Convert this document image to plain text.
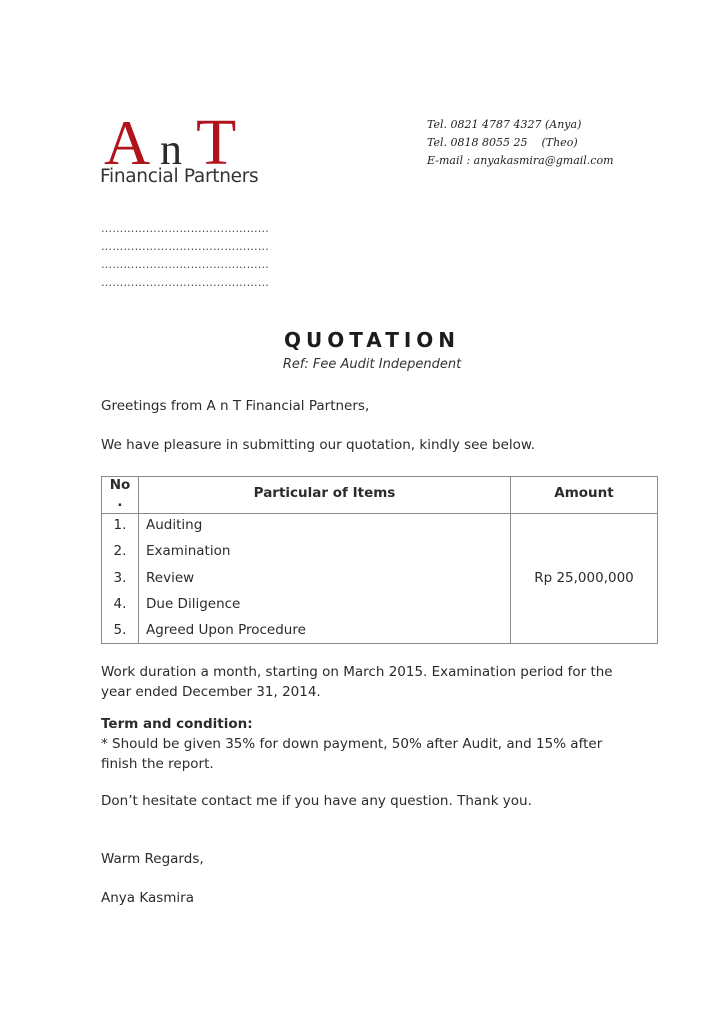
A n T
Financial Partners
Tel. 0821 4787 4327 (Anya)
Tel. 0818 8055 25    (Theo)
E-mail : anyakasmira@gmail.com
………………………………………
………………………………………
………………………………………
………………………………………
QUOTATION
Ref: Fee Audit Independent
Greetings from A n T Financial Partners,
We have pleasure in submitting our quotation, kindly see below.
No
.
Particular of Items	Amount
1.	Auditing
2.	Examination
3.	Review
4.	Due Diligence
5.	Agreed Upon Procedure
Rp 25,000,000
Work duration a month, starting on March 2015. Examination period for the
year ended December 31, 2014.
Term and condition:
* Should be given 35% for down payment, 50% after Audit, and 15% after
finish the report.
Don’t hesitate contact me if you have any question. Thank you.
Warm Regards,
Anya Kasmira
